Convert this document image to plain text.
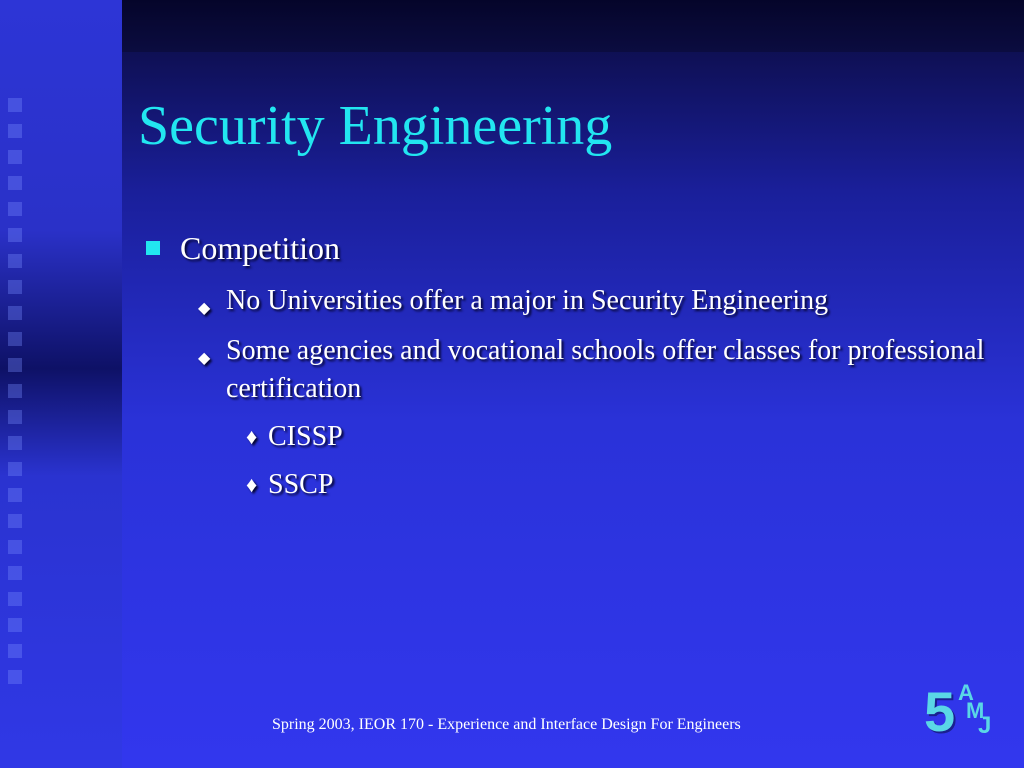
Security Engineering
Competition
◆ No Universities offer a major in Security Engineering
◆ Some agencies and vocational schools offer classes for professional certification
♦ CISSP
♦ SSCP
Spring 2003, IEOR 170 - Experience and Interface Design For Engineers	5 A
M
J
